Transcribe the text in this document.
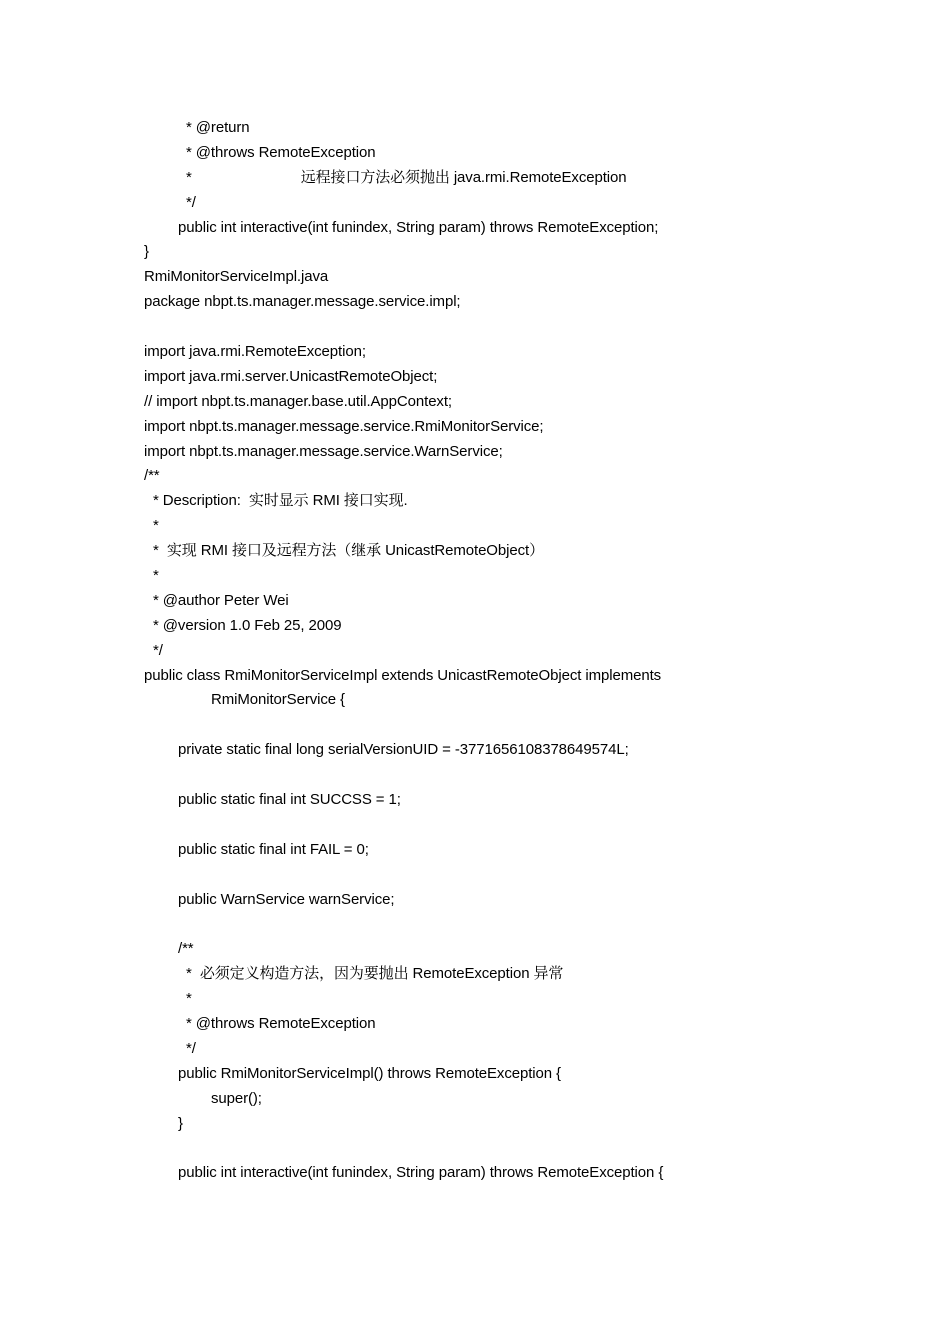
* @return
* @throws RemoteException
*	远程接口方法必须抛出 java.rmi.RemoteException
*/
public int interactive(int funindex, String param) throws RemoteException;
}
RmiMonitorServiceImpl.java
package nbpt.ts.manager.message.service.impl;
import java.rmi.RemoteException;
import java.rmi.server.UnicastRemoteObject;
// import nbpt.ts.manager.base.util.AppContext;
import nbpt.ts.manager.message.service.RmiMonitorService;
import nbpt.ts.manager.message.service.WarnService;
/**
* Description:  实时显示 RMI 接口实现.
*
*  实现 RMI 接口及远程方法（继承 UnicastRemoteObject）
*
* @author Peter Wei
* @version 1.0 Feb 25, 2009
*/
public class RmiMonitorServiceImpl extends UnicastRemoteObject implements
RmiMonitorService {
private static final long serialVersionUID = -3771656108378649574L;
public static final int SUCCSS = 1;
public static final int FAIL = 0;
public WarnService warnService;
/**
*  必须定义构造方法，因为要抛出 RemoteException 异常
*
* @throws RemoteException
*/
public RmiMonitorServiceImpl() throws RemoteException {
super();
}
public int interactive(int funindex, String param) throws RemoteException {
